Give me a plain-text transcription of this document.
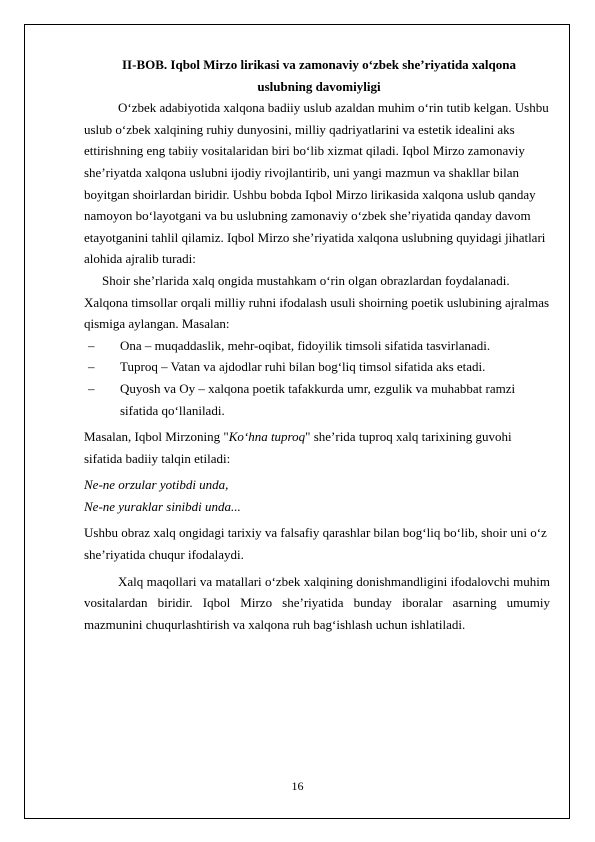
II-BOB. Iqbol Mirzo lirikasi va zamonaviy o‘zbek she’riyatida xalqona

uslubning davomiyligi

O‘zbek adabiyotida xalqona badiiy uslub azaldan muhim o‘rin tutib kelgan. Ushbu uslub o‘zbek xalqining ruhiy dunyosini, milliy qadriyatlarini va estetik idealini aks ettirishning eng tabiiy vositalaridan biri bo‘lib xizmat qiladi. Iqbol Mirzo zamonaviy she’riyatda xalqona uslubni ijodiy rivojlantirib, uni yangi mazmun va shakllar bilan boyitgan shoirlardan biridir. Ushbu bobda Iqbol Mirzo lirikasida xalqona uslub qanday namoyon bo‘layotgani va bu uslubning zamonaviy o‘zbek she’riyatida qanday davom etayotganini tahlil qilamiz. Iqbol Mirzo she’riyatida xalqona uslubning quyidagi jihatlari alohida ajralib turadi:

Shoir she’rlarida xalq ongida mustahkam o‘rin olgan obrazlardan foydalanadi. Xalqona timsollar orqali milliy ruhni ifodalash usuli shoirning poetik uslubining ajralmas qismiga aylangan. Masalan:

– Ona – muqaddaslik, mehr-oqibat, fidoyilik timsoli sifatida tasvirlanadi.
– Tuproq – Vatan va ajdodlar ruhi bilan bog‘liq timsol sifatida aks etadi.
– Quyosh va Oy – xalqona poetik tafakkurda umr, ezgulik va muhabbat ramzi sifatida qo‘llaniladi.

Masalan, Iqbol Mirzoning "Ko‘hna tuproq" she’rida tuproq xalq tarixining guvohi sifatida badiiy talqin etiladi:

Ne-ne orzular yotibdi unda,

Ne-ne yuraklar sinibdi unda...

Ushbu obraz xalq ongidagi tarixiy va falsafiy qarashlar bilan bog‘liq bo‘lib, shoir uni o‘z she’riyatida chuqur ifodalaydi.

Xalq maqollari va matallari o‘zbek xalqining donishmandligini ifodalovchi muhim vositalardan biridir. Iqbol Mirzo she’riyatida bunday iboralar asarning umumiy mazmunini chuqurlashtirish va xalqona ruh bag‘ishlash uchun ishlatiladi.

16
